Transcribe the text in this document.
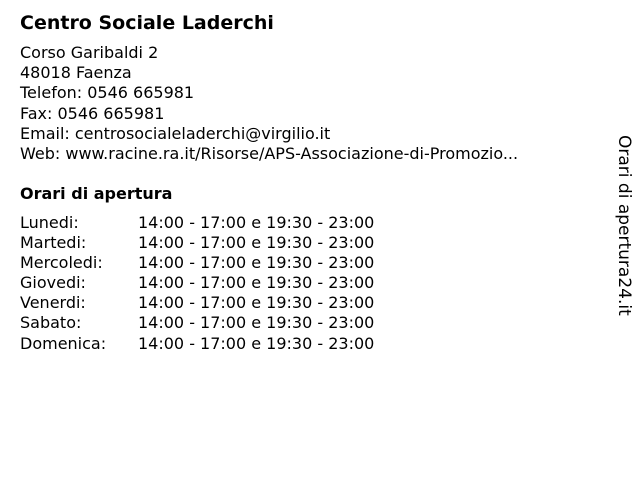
Centro Sociale Laderchi
Corso Garibaldi 2
48018 Faenza
Telefon: 0546 665981
Fax: 0546 665981
Email: centrosocialeladerchi@virgilio.it
Web: www.racine.ra.it/Risorse/APS-Associazione-di-Promozio...
Orari di apertura
Lunedi:	14:00 - 17:00 e 19:30 - 23:00
Martedi:	14:00 - 17:00 e 19:30 - 23:00
Mercoledi: 14:00 - 17:00 e 19:30 - 23:00
Giovedi:	14:00 - 17:00 e 19:30 - 23:00
Venerdi:	14:00 - 17:00 e 19:30 - 23:00
Sabato:	14:00 - 17:00 e 19:30 - 23:00
Domenica: 14:00 - 17:00 e 19:30 - 23:00
Orari di apertura24.it
